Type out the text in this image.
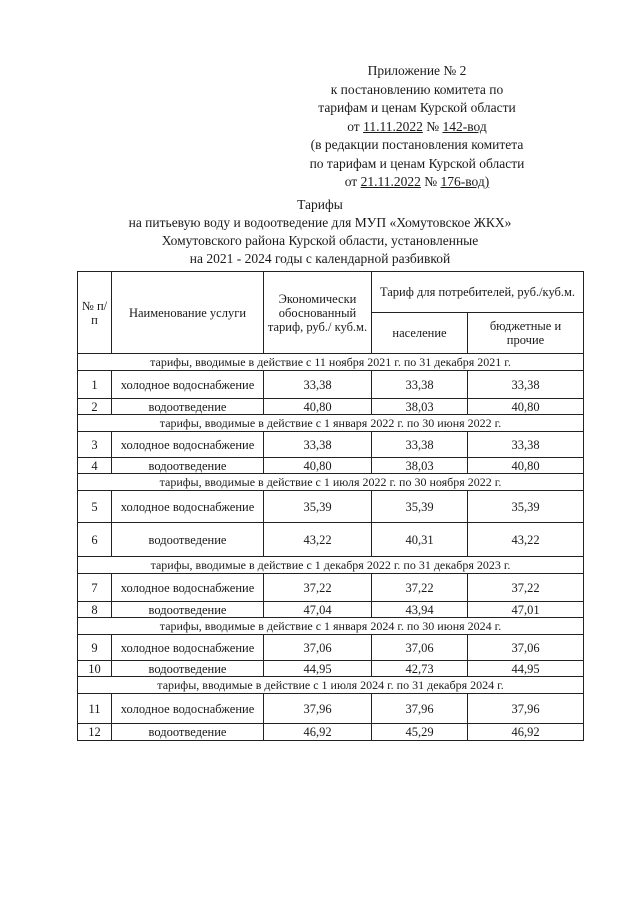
Приложение № 2
к постановлению комитета по
тарифам и ценам Курской области
от 11.11.2022 № 142-вод
(в редакции постановления комитета
по тарифам и ценам Курской области
от 21.11.2022 № 176-вод)
Тарифы
на питьевую воду и водоотведение для МУП «Хомутовское ЖКХ»
Хомутовского района Курской области, установленные
на 2021 - 2024 годы с календарной разбивкой
№ п/п	Наименование услуги	Экономически обоснованный тариф, руб./ куб.м.	Тариф для потребителей, руб./куб.м.	
			население	бюджетные и прочие
тарифы, вводимые в действие с 11 ноября 2021 г. по 31 декабря 2021 г.				
1	холодное водоснабжение	33,38	33,38	33,38
2	водоотведение	40,80	38,03	40,80
тарифы, вводимые в действие с 1 января 2022 г. по 30 июня 2022 г.				
3	холодное водоснабжение	33,38	33,38	33,38
4	водоотведение	40,80	38,03	40,80
тарифы, вводимые в действие с 1 июля 2022 г. по 30 ноября 2022 г.				
5	холодное водоснабжение	35,39	35,39	35,39
6	водоотведение	43,22	40,31	43,22
тарифы, вводимые в действие с 1 декабря 2022 г. по 31 декабря 2023 г.				
7	холодное водоснабжение	37,22	37,22	37,22
8	водоотведение	47,04	43,94	47,01
тарифы, вводимые в действие с 1 января 2024 г. по 30 июня 2024 г.				
9	холодное водоснабжение	37,06	37,06	37,06
10	водоотведение	44,95	42,73	44,95
тарифы, вводимые в действие с 1 июля 2024 г. по 31 декабря 2024 г.				
11	холодное водоснабжение	37,96	37,96	37,96
12	водоотведение	46,92	45,29	46,92
